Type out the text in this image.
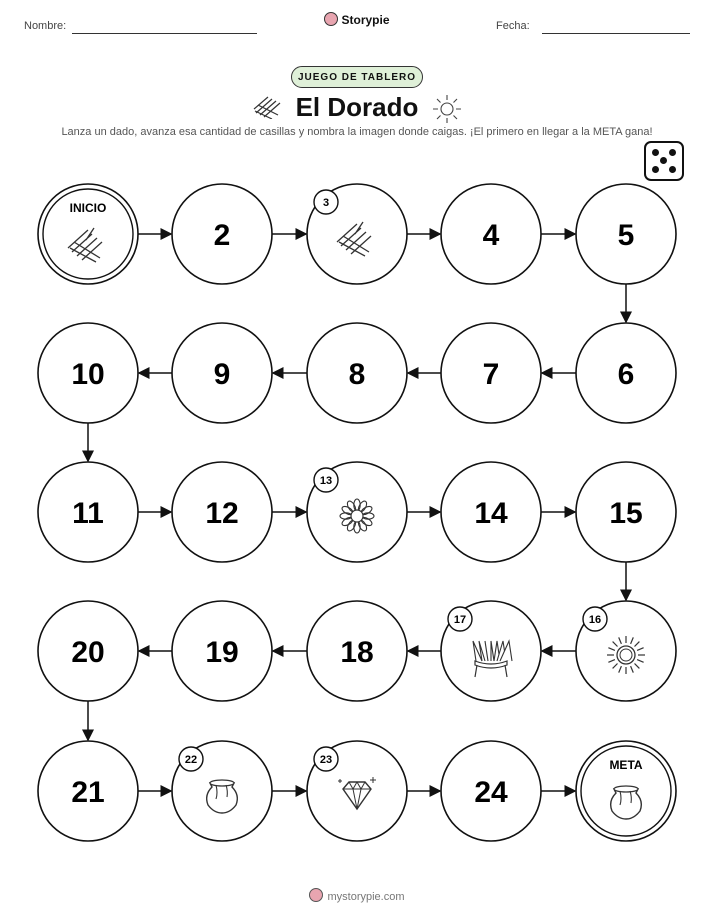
Nombre:	Storypie	Fecha:
JUEGO DE TABLERO
El Dorado
Lanza un dado, avanza esa cantidad de casillas y nombra la imagen donde caigas. ¡El primero en llegar a la META gana!
INICIO
2
3
4	5
10	9	8	7	6
11	12
13
14	15
20	19	18
17	16
21
22	23
24
META
mystorypie.com
